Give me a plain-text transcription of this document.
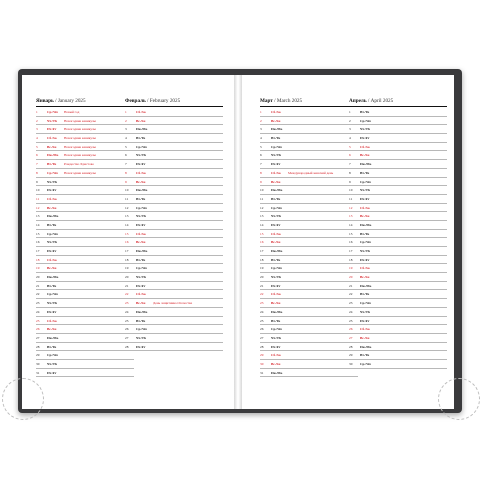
Январь / January 2025
1	Ср./We Новый год
2	Чт./Th Новогодние каникулы
3	Пт./Fr Новогодние каникулы
4	Сб./Sa Новогодние каникулы
5	Вс./Su Новогодние каникулы
6	Пн./Mo Новогодние каникулы
7	Вт./Tu Рождество Христово
8	Ср./We Новогодние каникулы
9	Чт./Th
10	Пт./Fr
11	Сб./Sa
12	Вс./Su
13	Пн./Mo
14	Вт./Tu
15	Ср./We
16	Чт./Th
17	Пт./Fr
18	Сб./Sa
19	Вс./Su
20	Пн./Mo
21	Вт./Tu
22	Ср./We
23	Чт./Th
24	Пт./Fr
25	Сб./Sa
26	Вс./Su
27	Пн./Mo
28	Вт./Tu
29	Ср./We
30	Чт./Th
31	Пт./Fr
Февраль / February 2025
1	Сб./Sa
2	Вс./Su
3	Пн./Mo
4	Вт./Tu
5	Ср./We
6	Чт./Th
7	Пт./Fr
8	Сб./Sa
9	Вс./Su
10	Пн./Mo
11	Вт./Tu
12	Ср./We
13	Чт./Th
14	Пт./Fr
15	Сб./Sa
16	Вс./Su
17	Пн./Mo
18	Вт./Tu
19	Ср./We
20	Чт./Th
21	Пт./Fr
22	Сб./Sa
23	Вс./Su День защитника Отечества
24	Пн./Mo
25	Вт./Tu
26	Ср./We
27	Чт./Th
28	Пт./Fr
Март / March 2025
1	Сб./Sa
2	Вс./Su
3	Пн./Mo
4	Вт./Tu
5	Ср./We
6	Чт./Th
7	Пт./Fr
8	Сб./Sa Международный женский день
9	Вс./Su
10	Пн./Mo
11	Вт./Tu
12	Ср./We
13	Чт./Th
14	Пт./Fr
15	Сб./Sa
16	Вс./Su
17	Пн./Mo
18	Вт./Tu
19	Ср./We
20	Чт./Th
21	Пт./Fr
22	Сб./Sa
23	Вс./Su
24	Пн./Mo
25	Вт./Tu
26	Ср./We
27	Чт./Th
28	Пт./Fr
29	Сб./Sa
30	Вс./Su
31	Пн./Mo
Апрель / April 2025
1	Вт./Tu
2	Ср./We
3	Чт./Th
4	Пт./Fr
5	Сб./Sa
6	Вс./Su
7	Пн./Mo
8	Вт./Tu
9	Ср./We
10	Чт./Th
11	Пт./Fr
12	Сб./Sa
13	Вс./Su
14	Пн./Mo
15	Вт./Tu
16	Ср./We
17	Чт./Th
18	Пт./Fr
19	Сб./Sa
20	Вс./Su
21	Пн./Mo
22	Вт./Tu
23	Ср./We
24	Чт./Th
25	Пт./Fr
26	Сб./Sa
27	Вс./Su
28	Пн./Mo
29	Вт./Tu
30	Ср./We
